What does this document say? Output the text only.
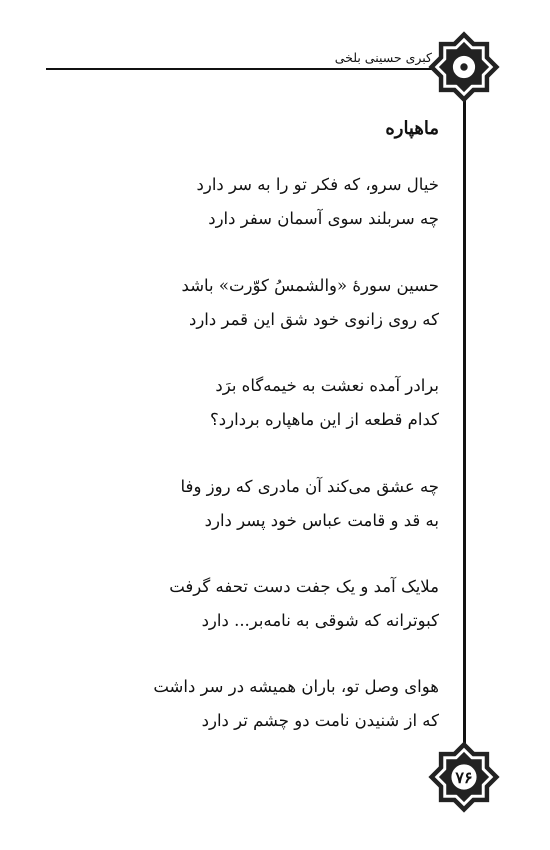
کبری حسینی بلخی
۷۶
ماهپاره
خیال سرو، که فکر تو را به سر دارد
چه سربلند سوی آسمان سفر دارد
حسین سورهٔ «والشمسُ کوّرت» باشد
که روی زانوی خود شق این قمر دارد
برادر آمده نعشت به خیمه‌گاه برَد
کدام قطعه از این ماهپاره بردارد؟
چه عشق می‌کند آن مادری که روز وفا
به قد و قامت عباس خود پسر دارد
ملایک آمد و یک جفت دست تحفه گرفت
کبوترانه که شوقی به نامه‌بر... دارد
هوای وصل تو، باران همیشه در سر داشت
که از شنیدن نامت دو چشم تر دارد
